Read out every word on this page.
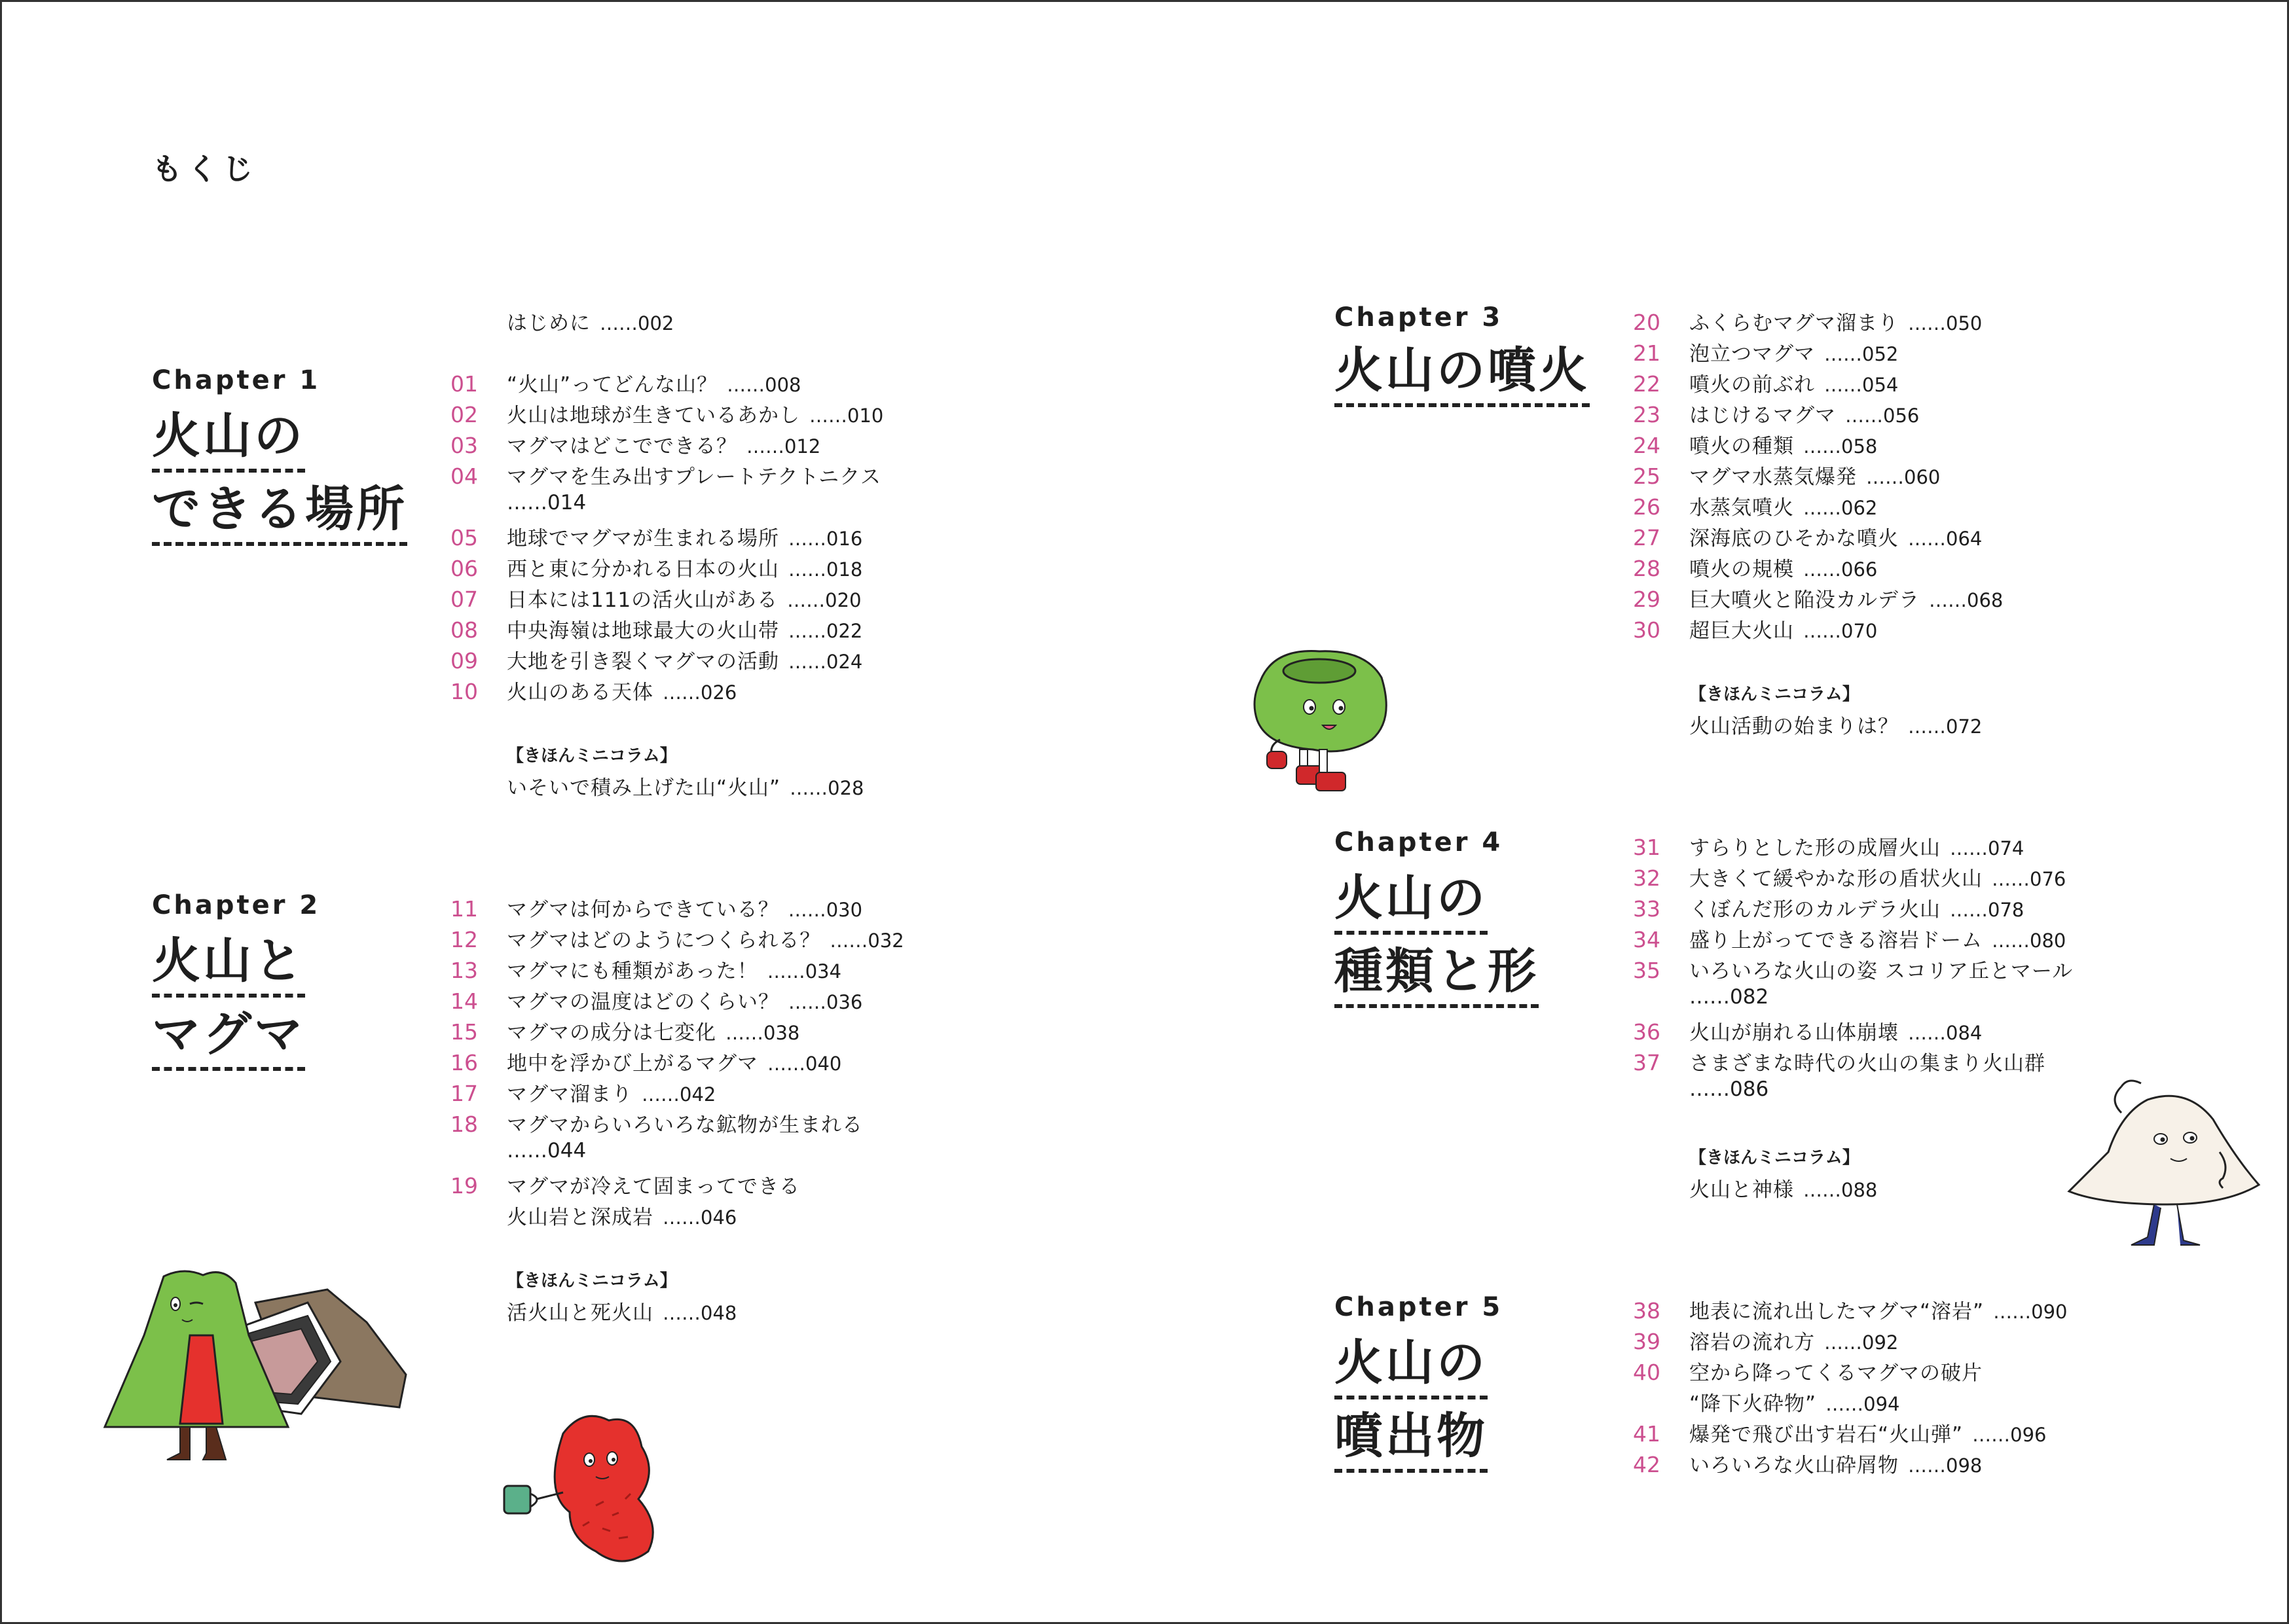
もくじ
Chapter 1
火山の
できる場所
はじめに ……002
01 “火山”ってどんな山？ ……008
02 火山は地球が生きているあかし ……010
03 マグマはどこでできる？ ……012
04 マグマを生み出すプレートテクトニクス
……014
05 地球でマグマが生まれる場所 ……016
06 西と東に分かれる日本の火山 ……018
07 日本には111の活火山がある ……020
08 中央海嶺は地球最大の火山帯 ……022
09 大地を引き裂くマグマの活動 ……024
10 火山のある天体 ……026
【きほんミニコラム】
いそいで積み上げた山“火山” ……028
Chapter 2
火山と
マグマ
11 マグマは何からできている？ ……030
12 マグマはどのようにつくられる？ ……032
13 マグマにも種類があった！ ……034
14 マグマの温度はどのくらい？ ……036
15 マグマの成分は七変化 ……038
16 地中を浮かび上がるマグマ ……040
17 マグマ溜まり ……042
18 マグマからいろいろな鉱物が生まれる
……044
19 マグマが冷えて固まってできる
火山岩と深成岩 ……046
【きほんミニコラム】
活火山と死火山 ……048
Chapter 3
火山の噴火
20 ふくらむマグマ溜まり ……050
21 泡立つマグマ ……052
22 噴火の前ぶれ ……054
23 はじけるマグマ ……056
24 噴火の種類 ……058
25 マグマ水蒸気爆発 ……060
26 水蒸気噴火 ……062
27 深海底のひそかな噴火 ……064
28 噴火の規模 ……066
29 巨大噴火と陥没カルデラ ……068
30 超巨大火山 ……070
【きほんミニコラム】
火山活動の始まりは？ ……072
Chapter 4
火山の
種類と形
31 すらりとした形の成層火山 ……074
32 大きくて緩やかな形の盾状火山 ……076
33 くぼんだ形のカルデラ火山 ……078
34 盛り上がってできる溶岩ドーム ……080
35 いろいろな火山の姿 スコリア丘とマール
……082
36 火山が崩れる山体崩壊 ……084
37 さまざまな時代の火山の集まり火山群
……086
【きほんミニコラム】
火山と神様 ……088
Chapter 5
火山の
噴出物
38 地表に流れ出したマグマ“溶岩” ……090
39 溶岩の流れ方 ……092
40 空から降ってくるマグマの破片
“降下火砕物” ……094
41 爆発で飛び出す岩石“火山弾” ……096
42 いろいろな火山砕屑物 ……098
